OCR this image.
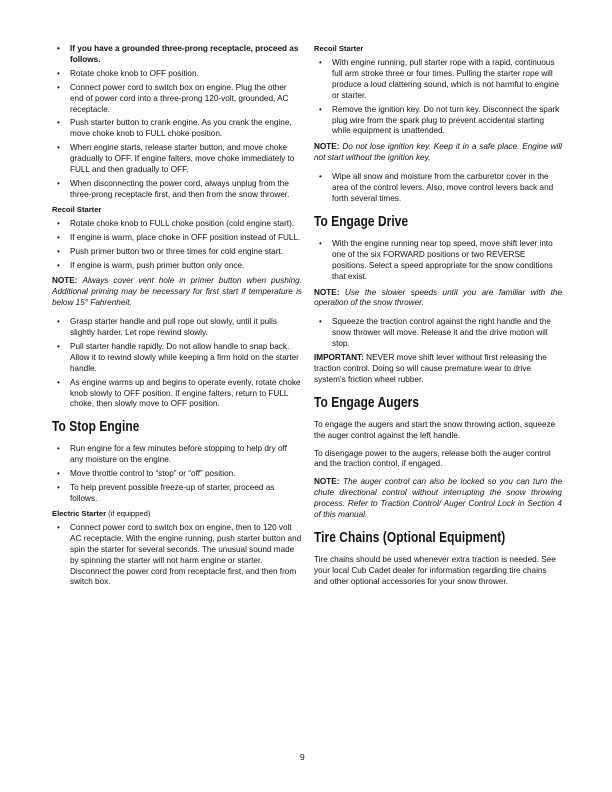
• If you have a grounded three-prong receptacle, proceed as follows.
• Rotate choke knob to OFF position.
• Connect power cord to switch box on engine. Plug the other end of power cord into a three-prong 120-volt, grounded, AC receptacle.
• Push starter button to crank engine. As you crank the engine, move choke knob to FULL choke position.
• When engine starts, release starter button, and move choke gradually to OFF. If engine falters, move choke immediately to FULL and then gradually to OFF.
• When disconnecting the power cord, always unplug from the three-prong receptacle first, and then from the snow thrower.
Recoil Starter
• Rotate choke knob to FULL choke position (cold engine start).
• If engine is warm, place choke in OFF position instead of FULL.
• Push primer button two or three times for cold engine start.
• If engine is warm, push primer button only once.
NOTE: Always cover vent hole in primer button when pushing. Additional priming may be necessary for first start if temperature is below 15° Fahrenheit.
• Grasp starter handle and pull rope out slowly, until it pulls slightly harder. Let rope rewind slowly.
• Pull starter handle rapidly. Do not allow handle to snap back. Allow it to rewind slowly while keeping a firm hold on the starter handle.
• As engine warms up and begins to operate evenly, rotate choke knob slowly to OFF position. If engine falters, return to FULL choke, then slowly move to OFF position.
To Stop Engine
• Run engine for a few minutes before stopping to help dry off any moisture on the engine.
• Move throttle control to “stop” or “off” position.
• To help prevent possible freeze-up of starter, proceed as follows.
Electric Starter (if equipped)
• Connect power cord to switch box on engine, then to 120 volt AC receptacle. With the engine running, push starter button and spin the starter for several seconds. The unusual sound made by spinning the starter will not harm engine or starter. Disconnect the power cord from receptacle first, and then from switch box.
Recoil Starter
• With engine running, pull starter rope with a rapid, continuous full arm stroke three or four times. Pulling the starter rope will produce a loud clattering sound, which is not harmful to engine or starter.
• Remove the ignition key. Do not turn key. Disconnect the spark plug wire from the spark plug to prevent accidental starting while equipment is unattended.
NOTE: Do not lose ignition key. Keep it in a safe place. Engine will not start without the ignition key.
• Wipe all snow and moisture from the carburetor cover in the area of the control levers. Also, move control levers back and forth several times.
To Engage Drive
• With the engine running near top speed, move shift lever into one of the six FORWARD positions or two REVERSE positions. Select a speed appropriate for the snow conditions that exist.
NOTE: Use the slower speeds until you are familiar with the operation of the snow thrower.
• Squeeze the traction control against the right handle and the snow thrower will move. Release it and the drive motion will stop.

IMPORTANT: NEVER move shift lever without first releasing the traction control. Doing so will cause premature wear to drive system’s friction wheel rubber.

To Engage Augers

To engage the augers and start the snow throwing action, squeeze the auger control against the left handle.

To disengage power to the augers, release both the auger control and the traction control, if engaged.

NOTE: The auger control can also be locked so you can turn the chute directional control without interrupting the snow throwing process. Refer to Traction Control/ Auger Control Lock in Section 4 of this manual.
Tire Chains (Optional Equipment)

Tire chains should be used whenever extra traction is needed. See your local Cub Cadet dealer for information regarding tire chains and other optional accessories for your snow thrower.

9
